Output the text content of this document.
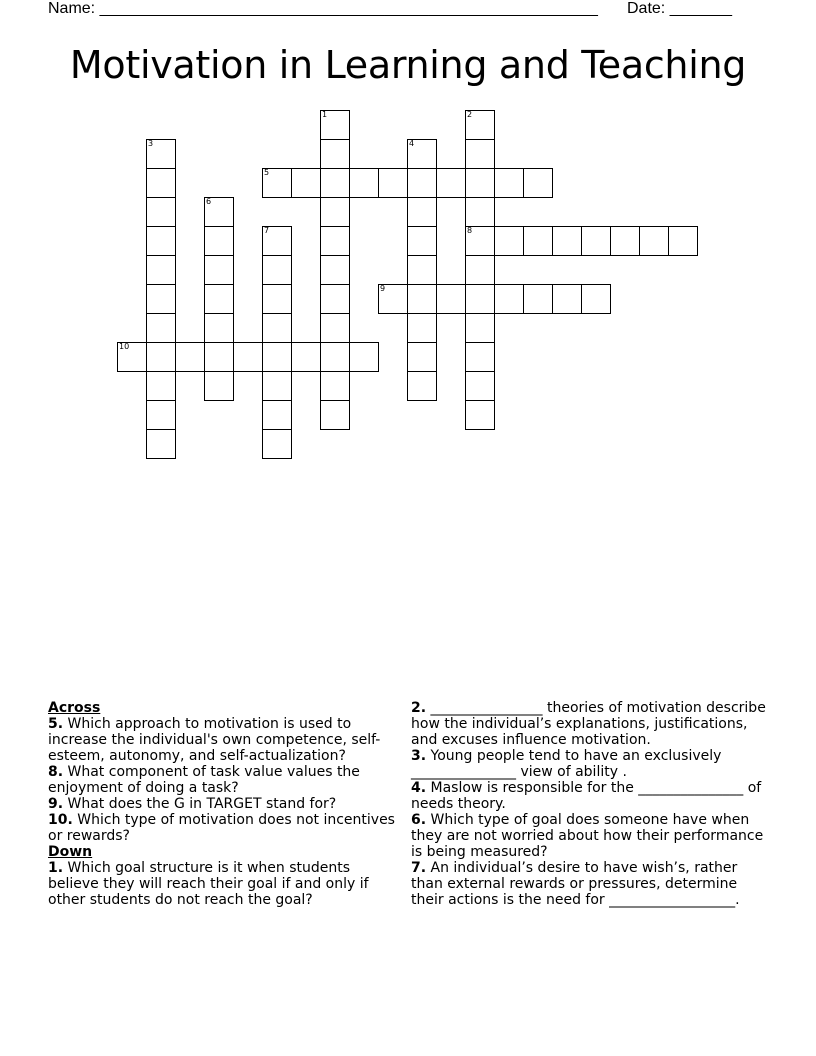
Name: ________________________________________________________ Date: _______
Motivation in Learning and Teaching
1	2
8
3	4
5
6
7
9
10
Across
5. Which approach to motivation is used to increase the individual's own competence, self-esteem, autonomy, and self-actualization?
8. What component of task value values the enjoyment of doing a task?
9. What does the G in TARGET stand for?
10. Which type of motivation does not incentives or rewards?
Down
1. Which goal structure is it when students believe they will reach their goal if and only if other students do not reach the goal?
2. ________________ theories of motivation describe how the individual’s explanations, justifications, and excuses influence motivation.
3. Young people tend to have an exclusively _______________ view of ability .
4. Maslow is responsible for the _______________ of needs theory.
6. Which type of goal does someone have when they are not worried about how their performance is being measured?
7. An individual’s desire to have wish’s, rather than external rewards or pressures, determine their actions is the need for __________________.
